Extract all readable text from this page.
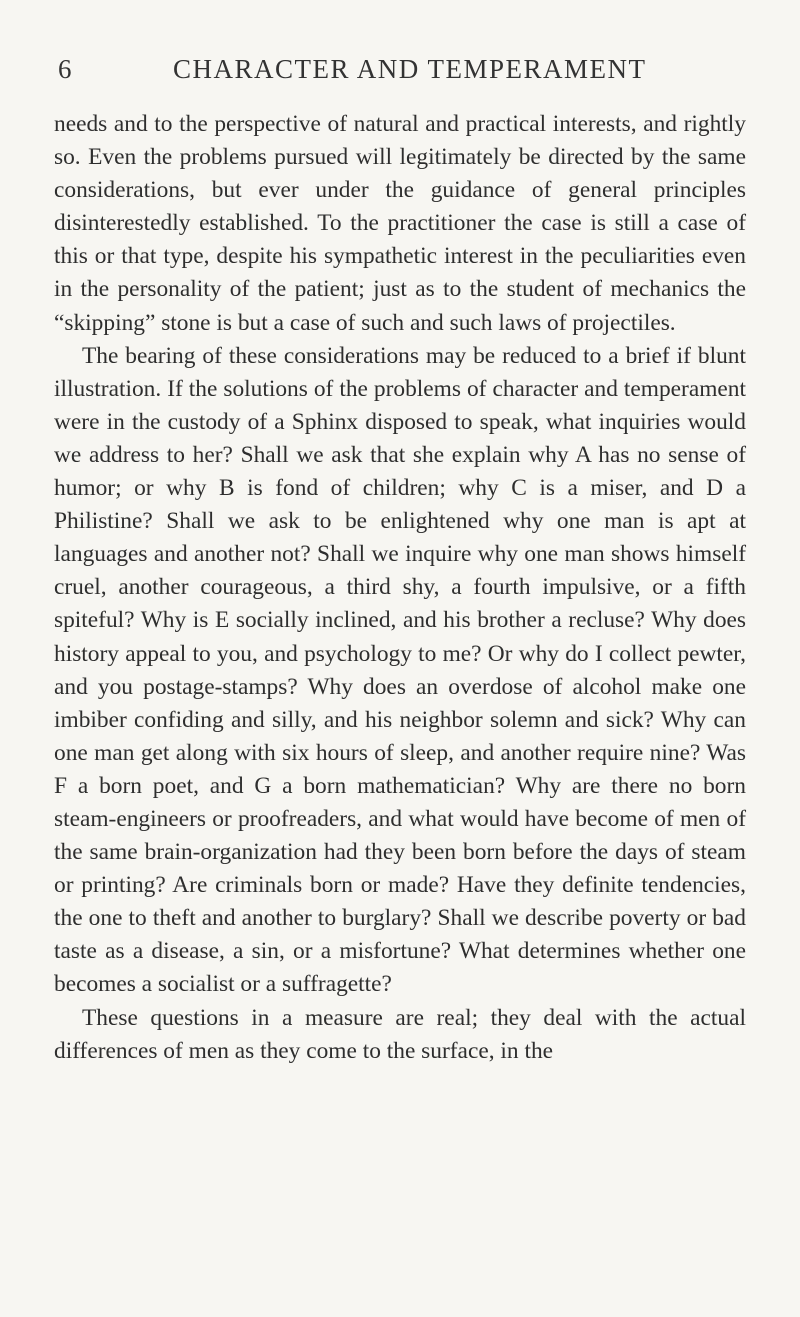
6	CHARACTER AND TEMPERAMENT

needs and to the perspective of natural and practical interests, and rightly so. Even the problems pursued will legitimately be directed by the same considerations, but ever under the guidance of general principles disinterestedly established. To the practitioner the case is still a case of this or that type, despite his sympathetic interest in the peculiarities even in the personality of the patient; just as to the student of mechanics the “skipping” stone is but a case of such and such laws of projectiles.

The bearing of these considerations may be reduced to a brief if blunt illustration. If the solutions of the problems of character and temperament were in the custody of a Sphinx disposed to speak, what inquiries would we address to her? Shall we ask that she explain why A has no sense of humor; or why B is fond of children; why C is a miser, and D a Philistine? Shall we ask to be enlightened why one man is apt at languages and another not? Shall we inquire why one man shows himself cruel, another courageous, a third shy, a fourth impulsive, or a fifth spiteful? Why is E socially inclined, and his brother a recluse? Why does history appeal to you, and psychology to me? Or why do I collect pewter, and you postage-stamps? Why does an overdose of alcohol make one imbiber confiding and silly, and his neighbor solemn and sick? Why can one man get along with six hours of sleep, and another require nine? Was F a born poet, and G a born mathematician? Why are there no born steam-engineers or proofreaders, and what would have become of men of the same brain-organization had they been born before the days of steam or printing? Are criminals born or made? Have they definite tendencies, the one to theft and another to burglary? Shall we describe poverty or bad taste as a disease, a sin, or a misfortune? What determines whether one becomes a socialist or a suffragette?

These questions in a measure are real; they deal with the actual differences of men as they come to the surface, in the
